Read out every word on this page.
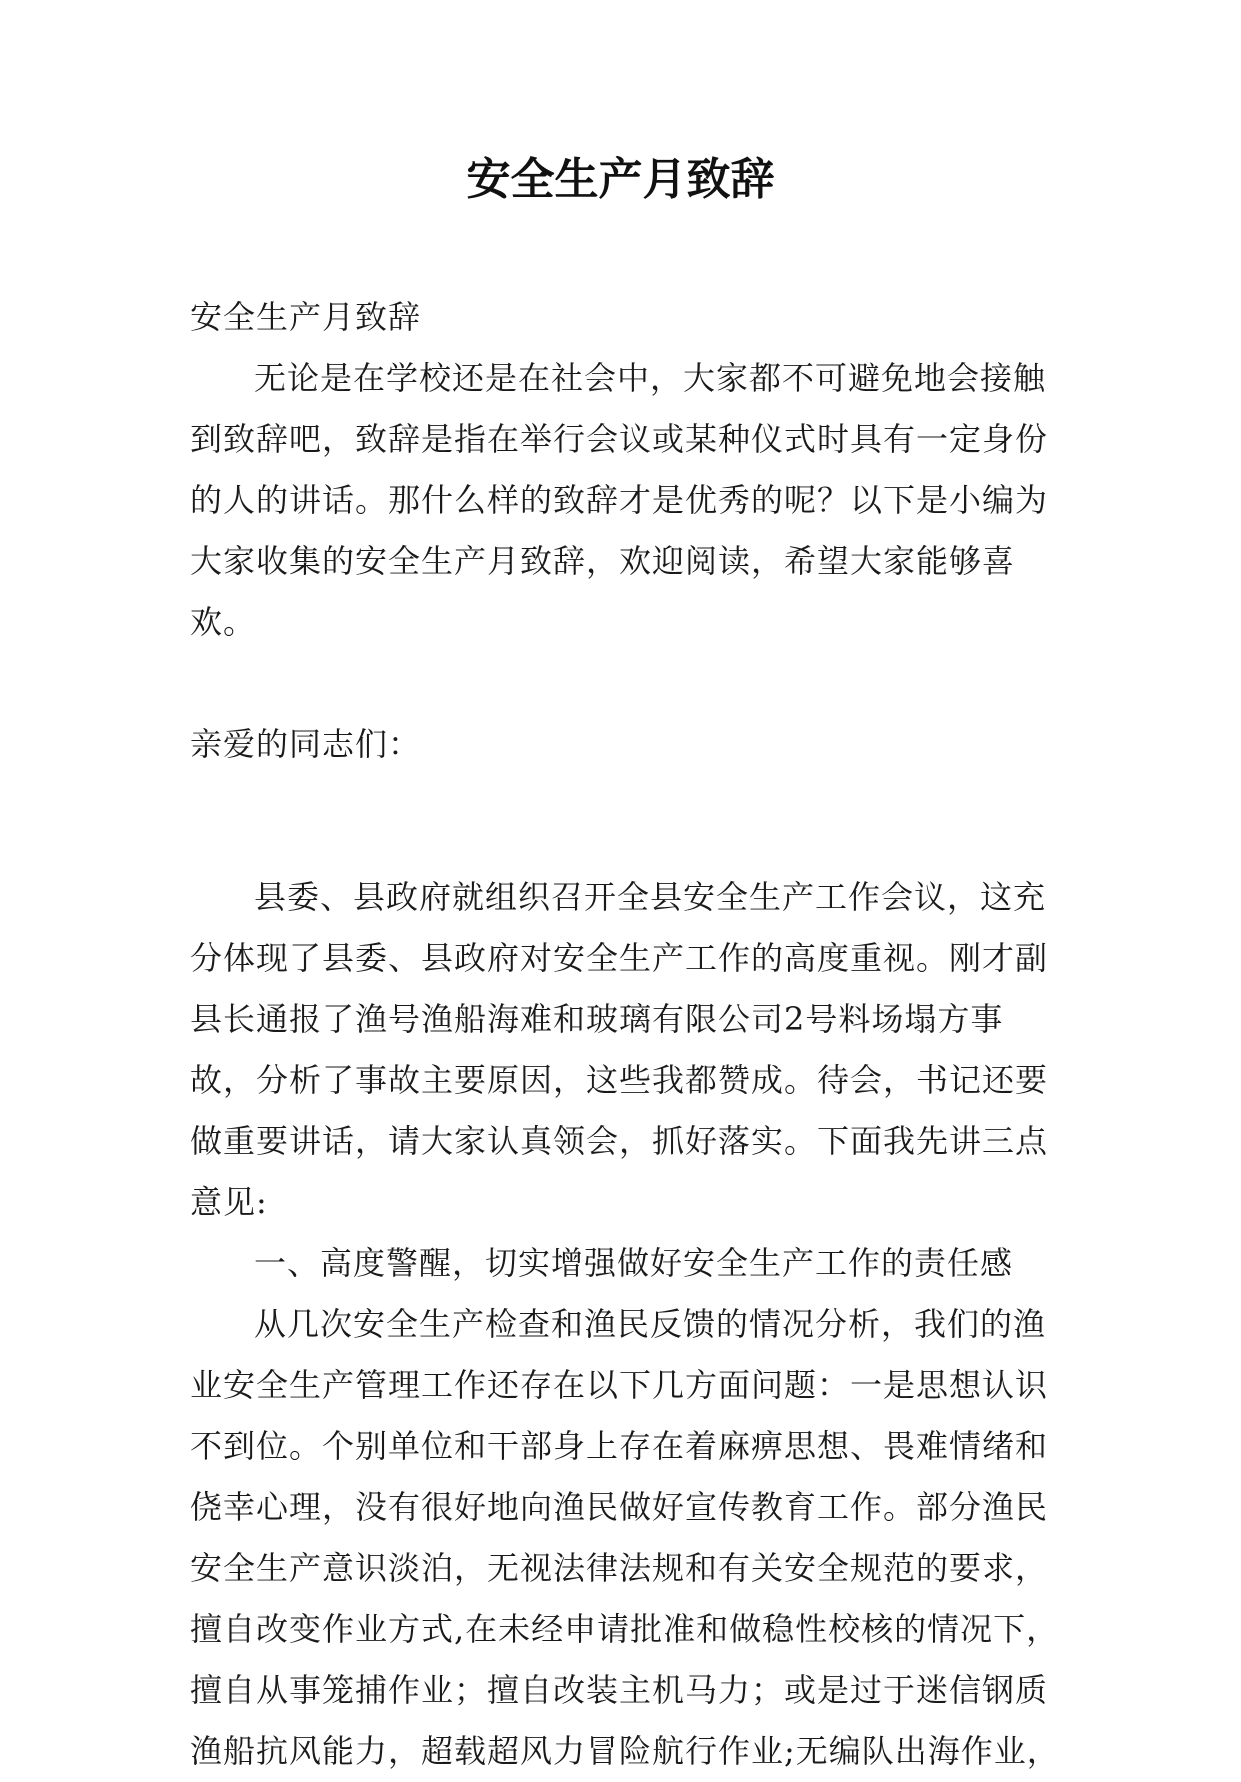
安全生产月致辞

安全生产月致辞

无论是在学校还是在社会中，大家都不可避免地会接触到致辞吧，致辞是指在举行会议或某种仪式时具有一定身份的人的讲话。那什么样的致辞才是优秀的呢？以下是小编为大家收集的安全生产月致辞，欢迎阅读，希望大家能够喜欢。

亲爱的同志们：

县委、县政府就组织召开全县安全生产工作会议，这充分体现了县委、县政府对安全生产工作的高度重视。刚才副县长通报了渔号渔船海难和玻璃有限公司2号料场塌方事故，分析了事故主要原因，这些我都赞成。待会，书记还要做重要讲话，请大家认真领会，抓好落实。下面我先讲三点意见:

一、高度警醒，切实增强做好安全生产工作的责任感

从几次安全生产检查和渔民反馈的情况分析，我们的渔业安全生产管理工作还存在以下几方面问题：一是思想认识不到位。个别单位和干部身上存在着麻痹思想、畏难情绪和侥幸心理，没有很好地向渔民做好宣传教育工作。部分渔民安全生产意识淡泊，无视法律法规和有关安全规范的要求，擅自改变作业方式,在未经申请批准和做稳性校核的情况下，擅自从事笼捕作业；擅自改装主机马力；或是过于迷信钢质渔船抗风能力，超载超风力冒险航行作业;无编队出海作业，
